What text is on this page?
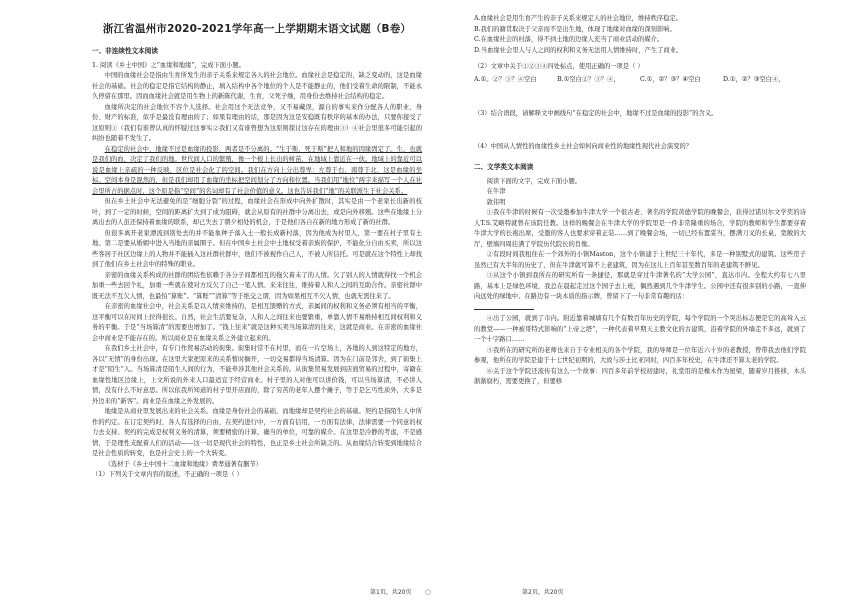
浙江省温州市2020-2021学年高一上学期期末语文试题（B卷）
一、非连续性文本阅读

1. 阅读《乡土中国》之“血缘和地缘”，完成下面小题。

中国的血缘社会是指由生育所发生的亲子关系来规定各人的社会地位。血缘社会是稳定的，缺乏变动的，这是血缘社会的基础。社会的稳定是指它结构的静止，填入结构中各个地位的个人是不能静止的，他们受着生命的限制，不能永久停留在那里。因而血缘社会就是用生物上的新陈代谢，生育，父死子继，用身份去维持社会结构的稳定。

血缘所决定的社会地位不容个人选择。社会用这个无法竞争，又不易藏误，源自的事实来作分配各人的职业、身份、财产的标准，似乎是最没有理由的了；如果有理由的话，那是因为这是安稳既有秩序的基本的办法，只要你接受了这原则①（我们有谁曾认真的怀疑过这事实②我们又有谁曾想为这原则探讨这存在的理由③）④社会里很多可能引起的纠纷也随着不发生了。

在稳定的社会中，地缘不过是血缘的投影，两者是不分离的。“生于斯，死于斯”把人和地的因缘固定了。生，也就是我们的血，决定了我们的地。世代间人口的繁殖，像一个根上长出的树苗，在地域上靠近在一伙。地域上的靠近可以说是血缘上亲疏的一种反映，区位是社会化了的空间。我们在方向上分出尊卑：左尊于右，南尊于北，这是血缘的坐标。空间本身是混然的，但是我们却用了血缘的坐标把空间划分了方向和位置。当我们用“地位”两字来描写一个人在社会里所占的据点时，这个原是指“空间”的名词却有了社会价值的意义。这也告诉我们“地”的关联派生于社会关系。

但在乡土社会中无法避免的是“细胞分裂”的过程，血缘社会在形成中向外扩散时，其实是由一个老家长出新的枝叶，到了一定的时候，空间的距离扩大到了成为阻碍，就会从原有的社群中分离出去，或是向外移殖。这些在地缘上分离出去的人虽还保持着血缘的联系，却已失去了朝夕相处的机会，于是他们各自在新的地方形成了新的社群。

但很多离开老家漂流到别处去的并不能象种子落入土一般长成新村落，因为他成为村里人，第一要在村子里有土地。第二是要从婚姻中进入当地的亲属圈子。但在中国乡土社会中土地权受着亲族的保护，不能化分自由买卖，所以这些客居于社区边缘上的人物并不能插入这社群社群中，他们不被视作自己人，不被人所信托。可是就在这个特性上却找到了他们在乡土社会中的特殊的职业。

亲密的血缘关系构成的社群的团结性依赖于各分子间都相互的拖欠着未了的人情。欠了别人的人情就得找一个机会加重一些去回个礼，加重一些就在使对方反欠了自己一笔人情。来来往往，维持着人和人之间的互助合作。亲密社群中既无法不互欠人情，也最怕“算账”。“算账”“清算”等于绝交之谓，因为如果相互不欠人情，也就无需往来了。

在亲密的血缘社会中，社会关系是以人情来维持的，是相互馈赠的方式，亲属间的权利和义务必须有相当的平衡，这平衡可以在时间上拉得很长。自然，社会生活要复杂，人和人之间往来也要繁重，单靠人情不易维持相互间权利和义务的平衡。于是“当场算清”的需要也增加了。“钱上往来”就是这种买卖当场算清的往来，这就是商业。在亲密的血缘社会中商业是不能存在的。所以商业是在血缘关系之外建立起来的。

在我们乡土社会中，有专门作贸易活动的街集。街集时常不在村里，而在一片空场上，各地的人到这特定的地方，各以“无情”的身份出现。在这里大家把原来的关系暂时搁开，一切交易都得当场清算。因为在门前是邻舍，到了街集上才是“陌生”人。当场算清是陌生人间的行为，不能牵涉其他社会关系的。从街集贸易发展到店面贸易的过程中，寄籍在血缘性地区边缘上，上文所说的外来人口最适宜于经营商业。村子里的人对他可以讲价钱，可以当场算清，不必讲人情，没有什么不好意思。所以依我所知道的村子里开店面的，除了穷苦的老年人摆个摊子，等于是乞丐性质外，大多是外边来的“新客”。商业是在血缘之外发展的。

地缘是从商业里发展出来的社会关系。血缘是身份社会的基础，而地缘却是契约社会的基础。契约是指陌生人中所作的约定。在订定契约时，各人有选择的自由，在契约进行中，一方面有信用，一方面有法律，法律需要一个同意的权力去支持。契约的完成是权利义务的清算，须要精密的计算，确当的单位，可靠的媒介。在这里是冷静的考虑，不是感情，于是理性支配着人们的活动——这一切是现代社会的特性，也正是乡土社会所缺乏的。从血缘结合转变到地缘结合是社会性质的转变，也是社会史上的一个大转变。

（选材于《乡土中国十二血缘和地缘》费孝通著有删节）

（1）下列关于文章内容的叙述，不正确的一项是（ ）

第1页，共20页 ○

A.血缘社会是用生育产生的亲子关系来规定人的社会地位，维持秩序稳定。

B.我们的籍贯取决于父亲而不是出生地，体现了地缘对血缘的深刻影响。

C.在血缘社会的村落，得不到土地的边缘人充当了商业活动的媒介。

D.当血缘社会里人与人之间的权利和义务无法用人情维持时，产生了商业。

（2）文章中关于①②③④四处标点，使用正确的一项是（ ）

A.①。②？③？④空白	B.①空白②？③？④，	C.①，②？③？④空白	D.①，②？③空白④，

（3）结合语段，请解释文中画线句“在稳定的社会中，地缘不过是血缘的投影”的含义。

（4）中国从人情性的血缘性乡土社会如何向商业性的地缘性现代社会演变的？

二、文学类文本阅读

阅读下面的文字，完成下面小题。

在牛津

敦伟明

①我在牛津的时候有一次受邀参加牛津大学一个很古老、著名的学院黄德学院的晚餐会，获得过诺贝尔文学奖的诗人T.S.艾略特就曾在该院任教。这样的晚餐会在牛津大学的学院里是一件非常隆重的场合，学院的教师和学生都要穿着牛津大学的长袍出席，受邀的客人也要求穿着正装……到了晚餐会场，一切已经布置妥当，摆满刀叉的长桌，宽敞的大厅，壁墙四周挂满了学院历代院长的肖像。

②有段时间我租住在一个郊外的小镇Maston，这个小镇建于上世纪三十年代，多是一种别墅式的建筑。这些房子虽然已有大半年的历史了，但在牛津就可算不上老建筑，因为在这儿上百年甚至数百年的老建筑不鲜见。

③从这个小镇到我所在的研究所有一条捷径，那就是穿过牛津著名的“大学公园”，直达市内。全程大约有七八里路，基本上是绿色环境，我总在晨起走过这个园子去上班，偶然遇到几个牛津学生。公园中还有很多别的小路，一直伸向远处的绿地中。在路边有一块木质的指示牌，曾留下了一句非常有趣的话：

④出了公园，就到了市内。附近靠着城墙有几个有数百年历史的学院，每个学院的一个突出标志便是它的高耸入云的教堂——一种被哥特式影响的“上帝之塔”，一种代表着早期天主教文化的古建筑，沿着学院的外墙走不多远，就到了一个十字路口……

⑤我所在的研究所的老师也来自于专业相关的各个学院，我的导师是一位年近六十岁的老教授，曾带我去他们学院参观，他所在的学院是建于十七世纪初期的，大致与莎士比亚同时，四百多年校史，在牛津还不算太老的学院。

⑥关于这个学院还流传有这么一个故事：四百多年前学校初建时，礼堂用的是橡木作为屋梁，随着岁月推移，木头渐渐腐朽，需要更换了，但要修

第2页，共20页
